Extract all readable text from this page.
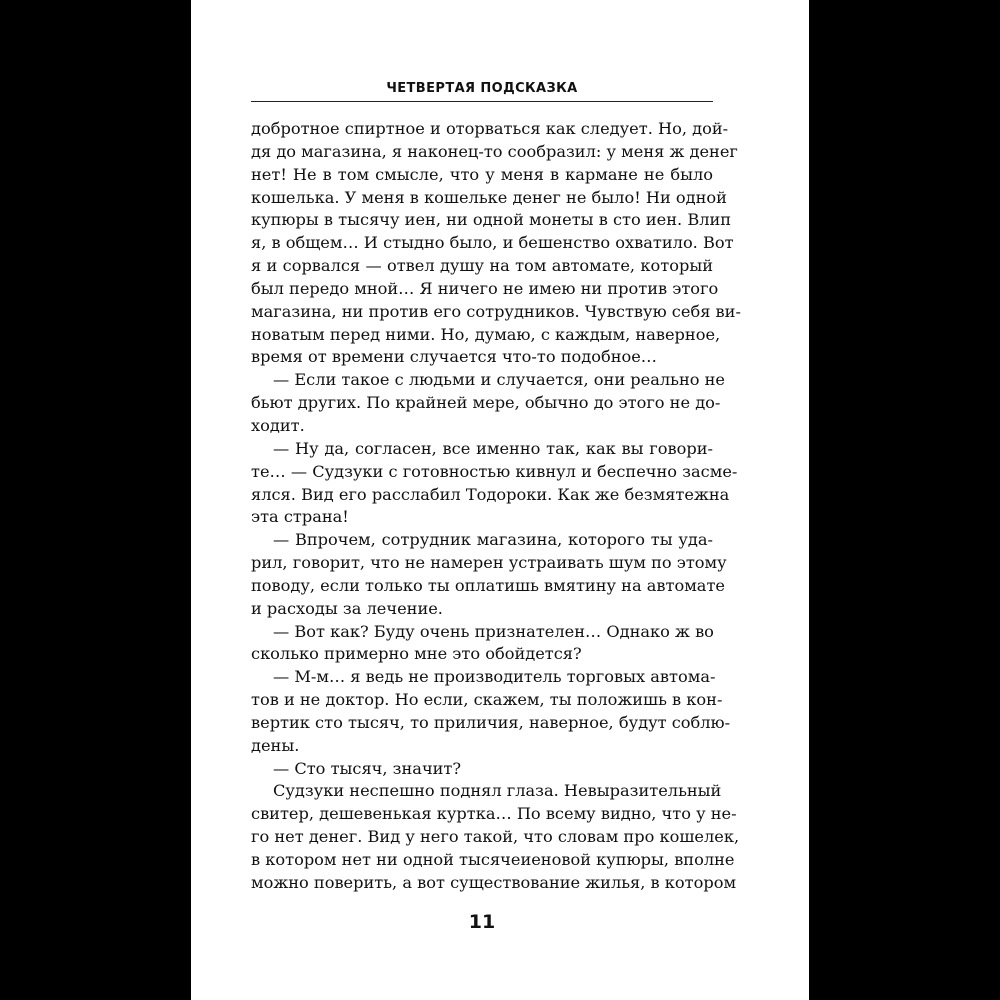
ЧЕТВЕРТАЯ ПОДСКАЗКА
добротное спиртное и оторваться как следует. Но, дой-
дя до магазина, я наконец-то сообразил: у меня ж денег
нет! Не в том смысле, что у меня в кармане не было
кошелька. У меня в кошельке денег не было! Ни одной
купюры в тысячу иен, ни одной монеты в сто иен. Влип
я, в общем… И стыдно было, и бешенство охватило. Вот
я и сорвался — отвел душу на том автомате, который
был передо мной… Я ничего не имею ни против этого
магазина, ни против его сотрудников. Чувствую себя ви-
новатым перед ними. Но, думаю, с каждым, наверное,
время от времени случается что-то подобное…
— Если такое с людьми и случается, они реально не
бьют других. По крайней мере, обычно до этого не до-
ходит.
— Ну да, согласен, все именно так, как вы говори-
те… — Судзуки с готовностью кивнул и беспечно засме-
ялся. Вид его расслабил Тодороки. Как же безмятежна
эта страна!
— Впрочем, сотрудник магазина, которого ты уда-
рил, говорит, что не намерен устраивать шум по этому
поводу, если только ты оплатишь вмятину на автомате
и расходы за лечение.
— Вот как? Буду очень признателен… Однако ж во
сколько примерно мне это обойдется?
— М-м… я ведь не производитель торговых автома-
тов и не доктор. Но если, скажем, ты положишь в кон-
вертик сто тысяч, то приличия, наверное, будут соблю-
дены.
— Сто тысяч, значит?
Судзуки неспешно поднял глаза. Невыразительный
свитер, дешевенькая куртка… По всему видно, что у не-
го нет денег. Вид у него такой, что словам про кошелек,
в котором нет ни одной тысячеиеновой купюры, вполне
можно поверить, а вот существование жилья, в котором
11
